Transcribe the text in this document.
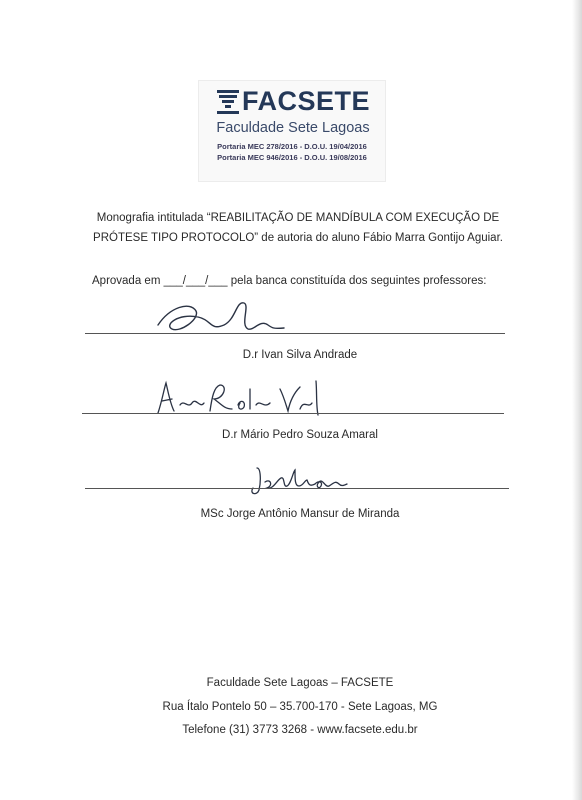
FACSETE
Faculdade Sete Lagoas
Portaria MEC 278/2016 - D.O.U. 19/04/2016
Portaria MEC 946/2016 - D.O.U. 19/08/2016
Monografia intitulada “REABILITAÇÃO DE MANDÍBULA COM EXECUÇÃO DE PRÓTESE TIPO PROTOCOLO” de autoria do aluno Fábio Marra Gontijo Aguiar.
Aprovada em ___/___/___ pela banca constituída dos seguintes professores:
D.r Ivan Silva Andrade
D.r Mário Pedro Souza Amaral
MSc Jorge Antônio Mansur de Miranda
Faculdade Sete Lagoas – FACSETE
Rua Ítalo Pontelo 50 – 35.700-170 - Sete Lagoas, MG
Telefone (31) 3773 3268 - www.facsete.edu.br
